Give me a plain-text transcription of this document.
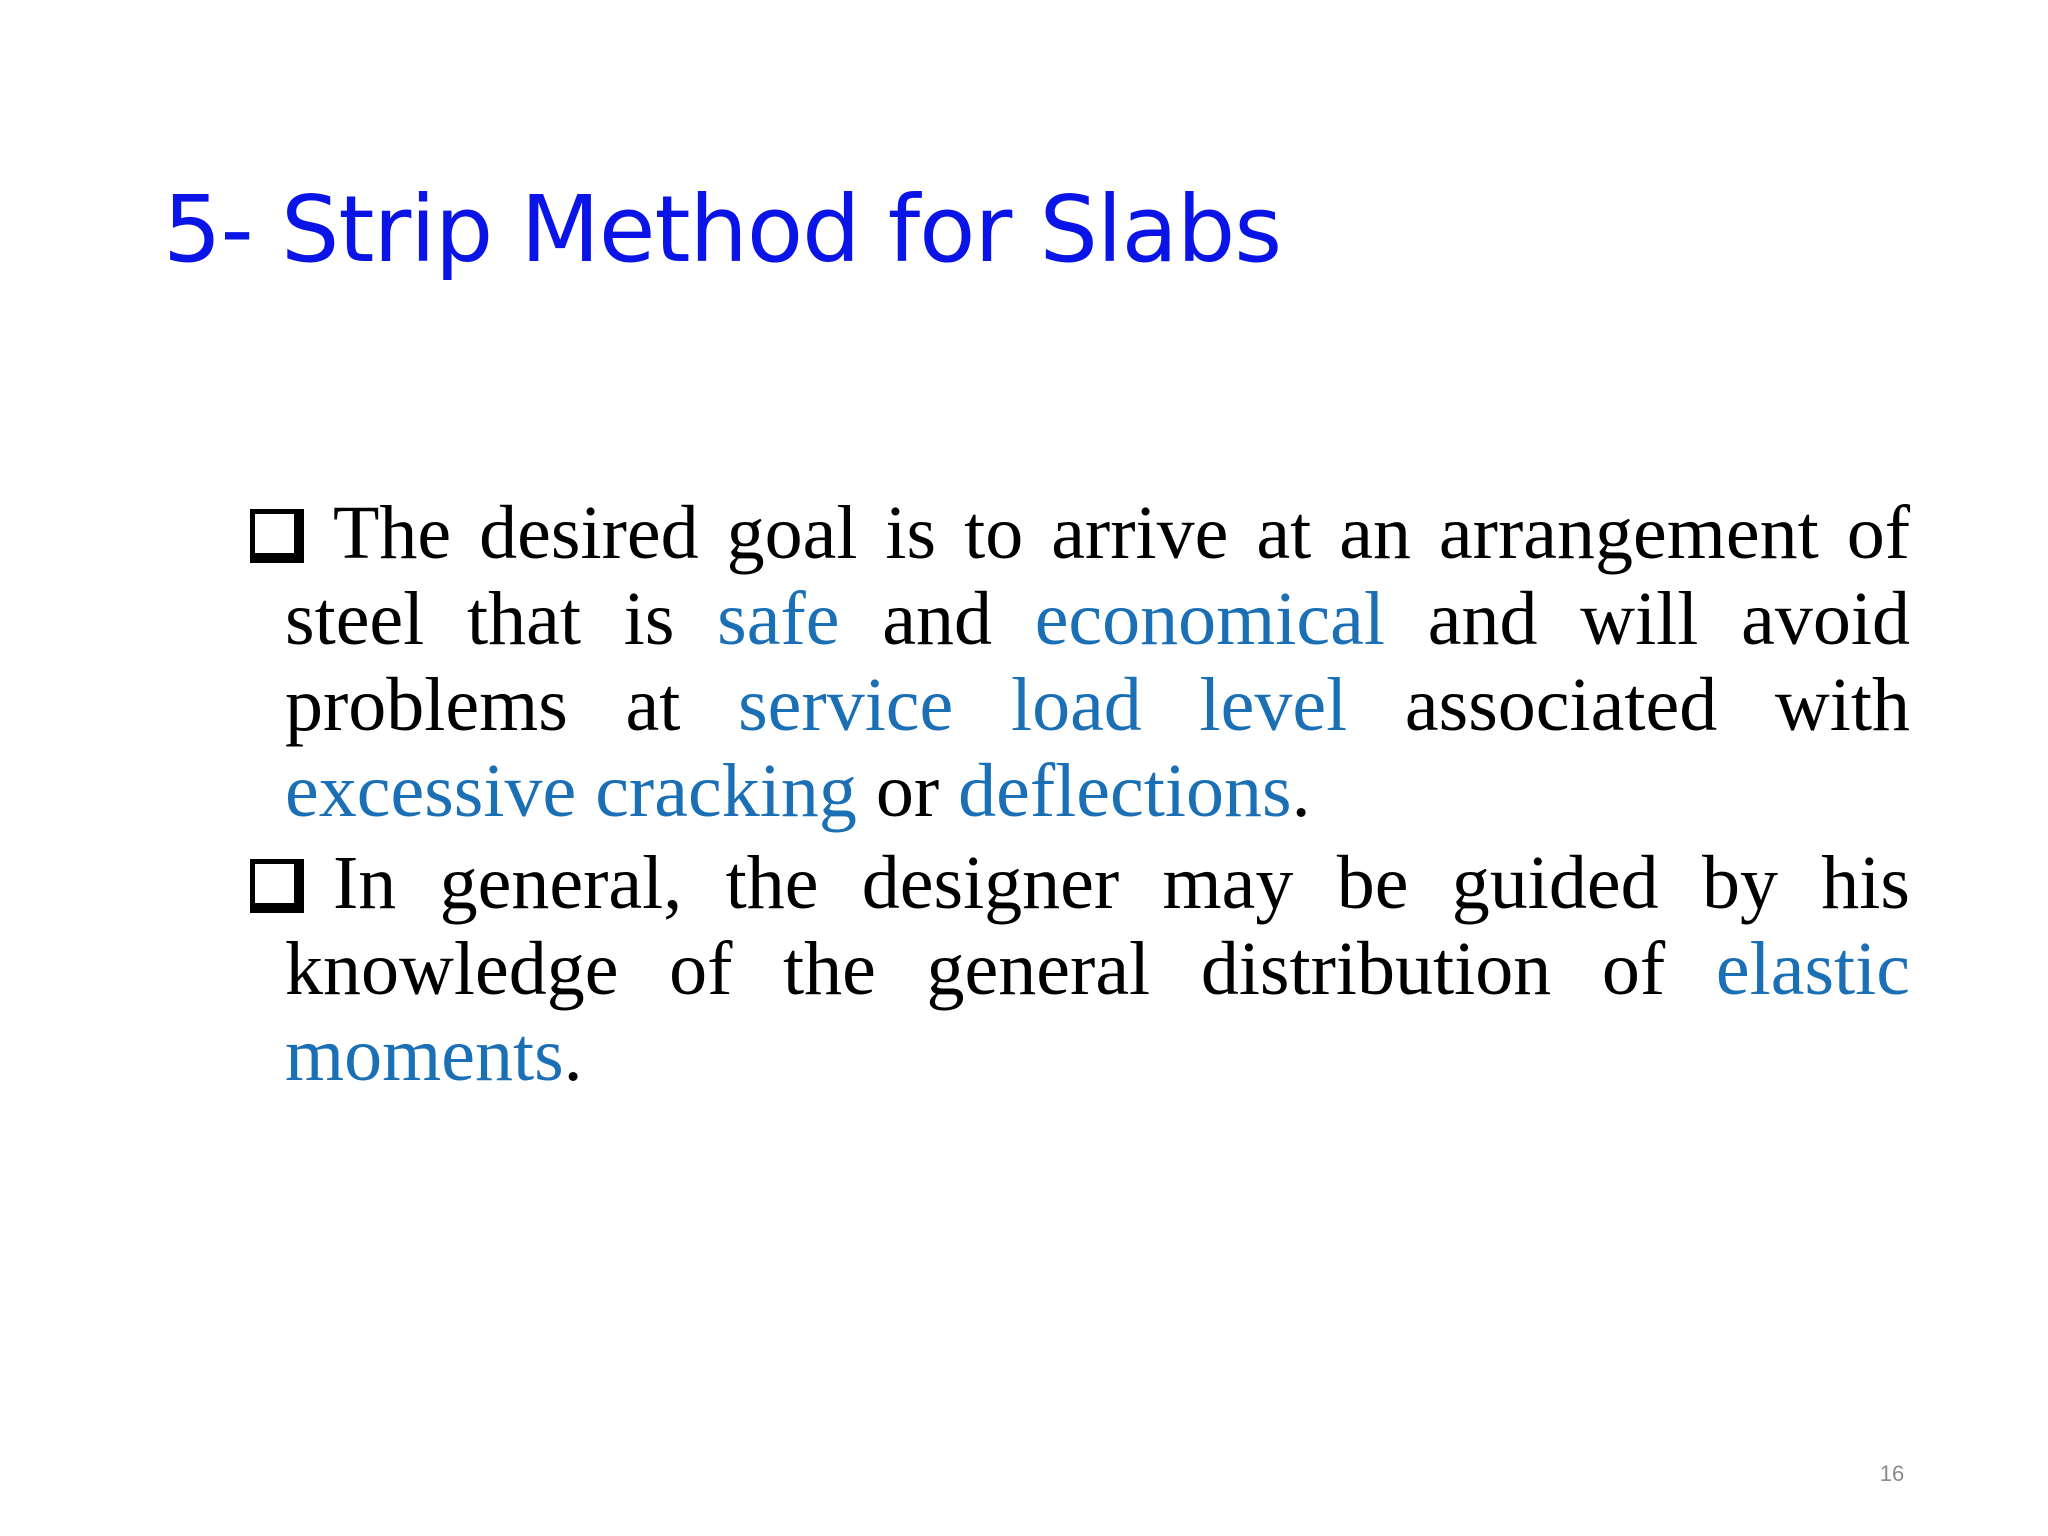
5- Strip Method for Slabs
The desired goal is to arrive at an arrangement of steel that is safe and economical and will avoid problems at service load level associated with excessive cracking or deflections.
In general, the designer may be guided by his knowledge of the general distribution of elastic moments.
16
